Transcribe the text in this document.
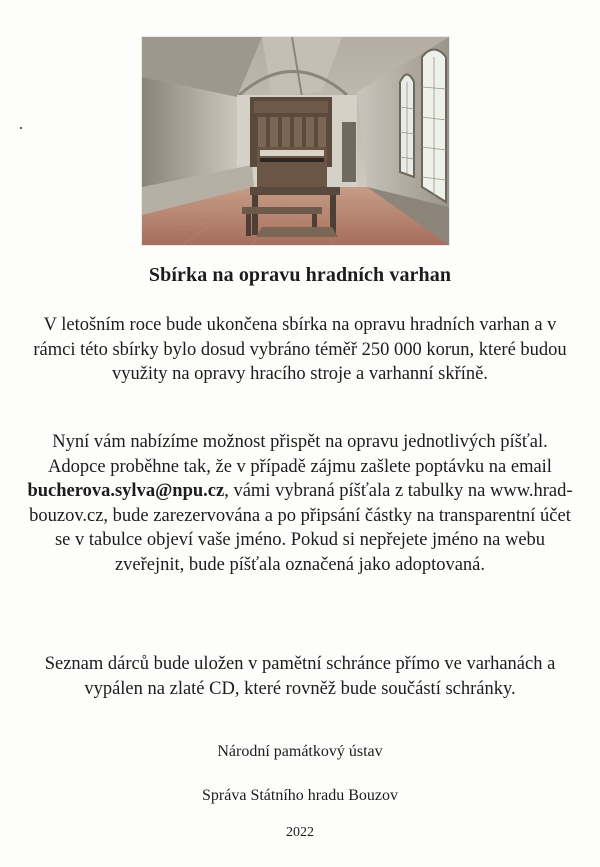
Sbírka na opravu hradních varhan

V letošním roce bude ukončena sbírka na opravu hradních varhan a v rámci této sbírky bylo dosud vybráno téměř 250 000 korun, které budou využity na opravy hracího stroje a varhanní skříně.

Nyní vám nabízíme možnost přispět na opravu jednotlivých píšťal. Adopce proběhne tak, že v případě zájmu zašlete poptávku na email bucherova.sylva@npu.cz, vámi vybraná píšťala z tabulky na www.hrad-bouzov.cz, bude zarezervována a po připsání částky na transparentní účet se v tabulce objeví vaše jméno. Pokud si nepřejete jméno na webu zveřejnit, bude píšťala označená jako adoptovaná.

Seznam dárců bude uložen v pamětní schránce přímo ve varhanách a vypálen na zlaté CD, které rovněž bude součástí schránky.

Národní památkový ústav
Správa Státního hradu Bouzov
2022
